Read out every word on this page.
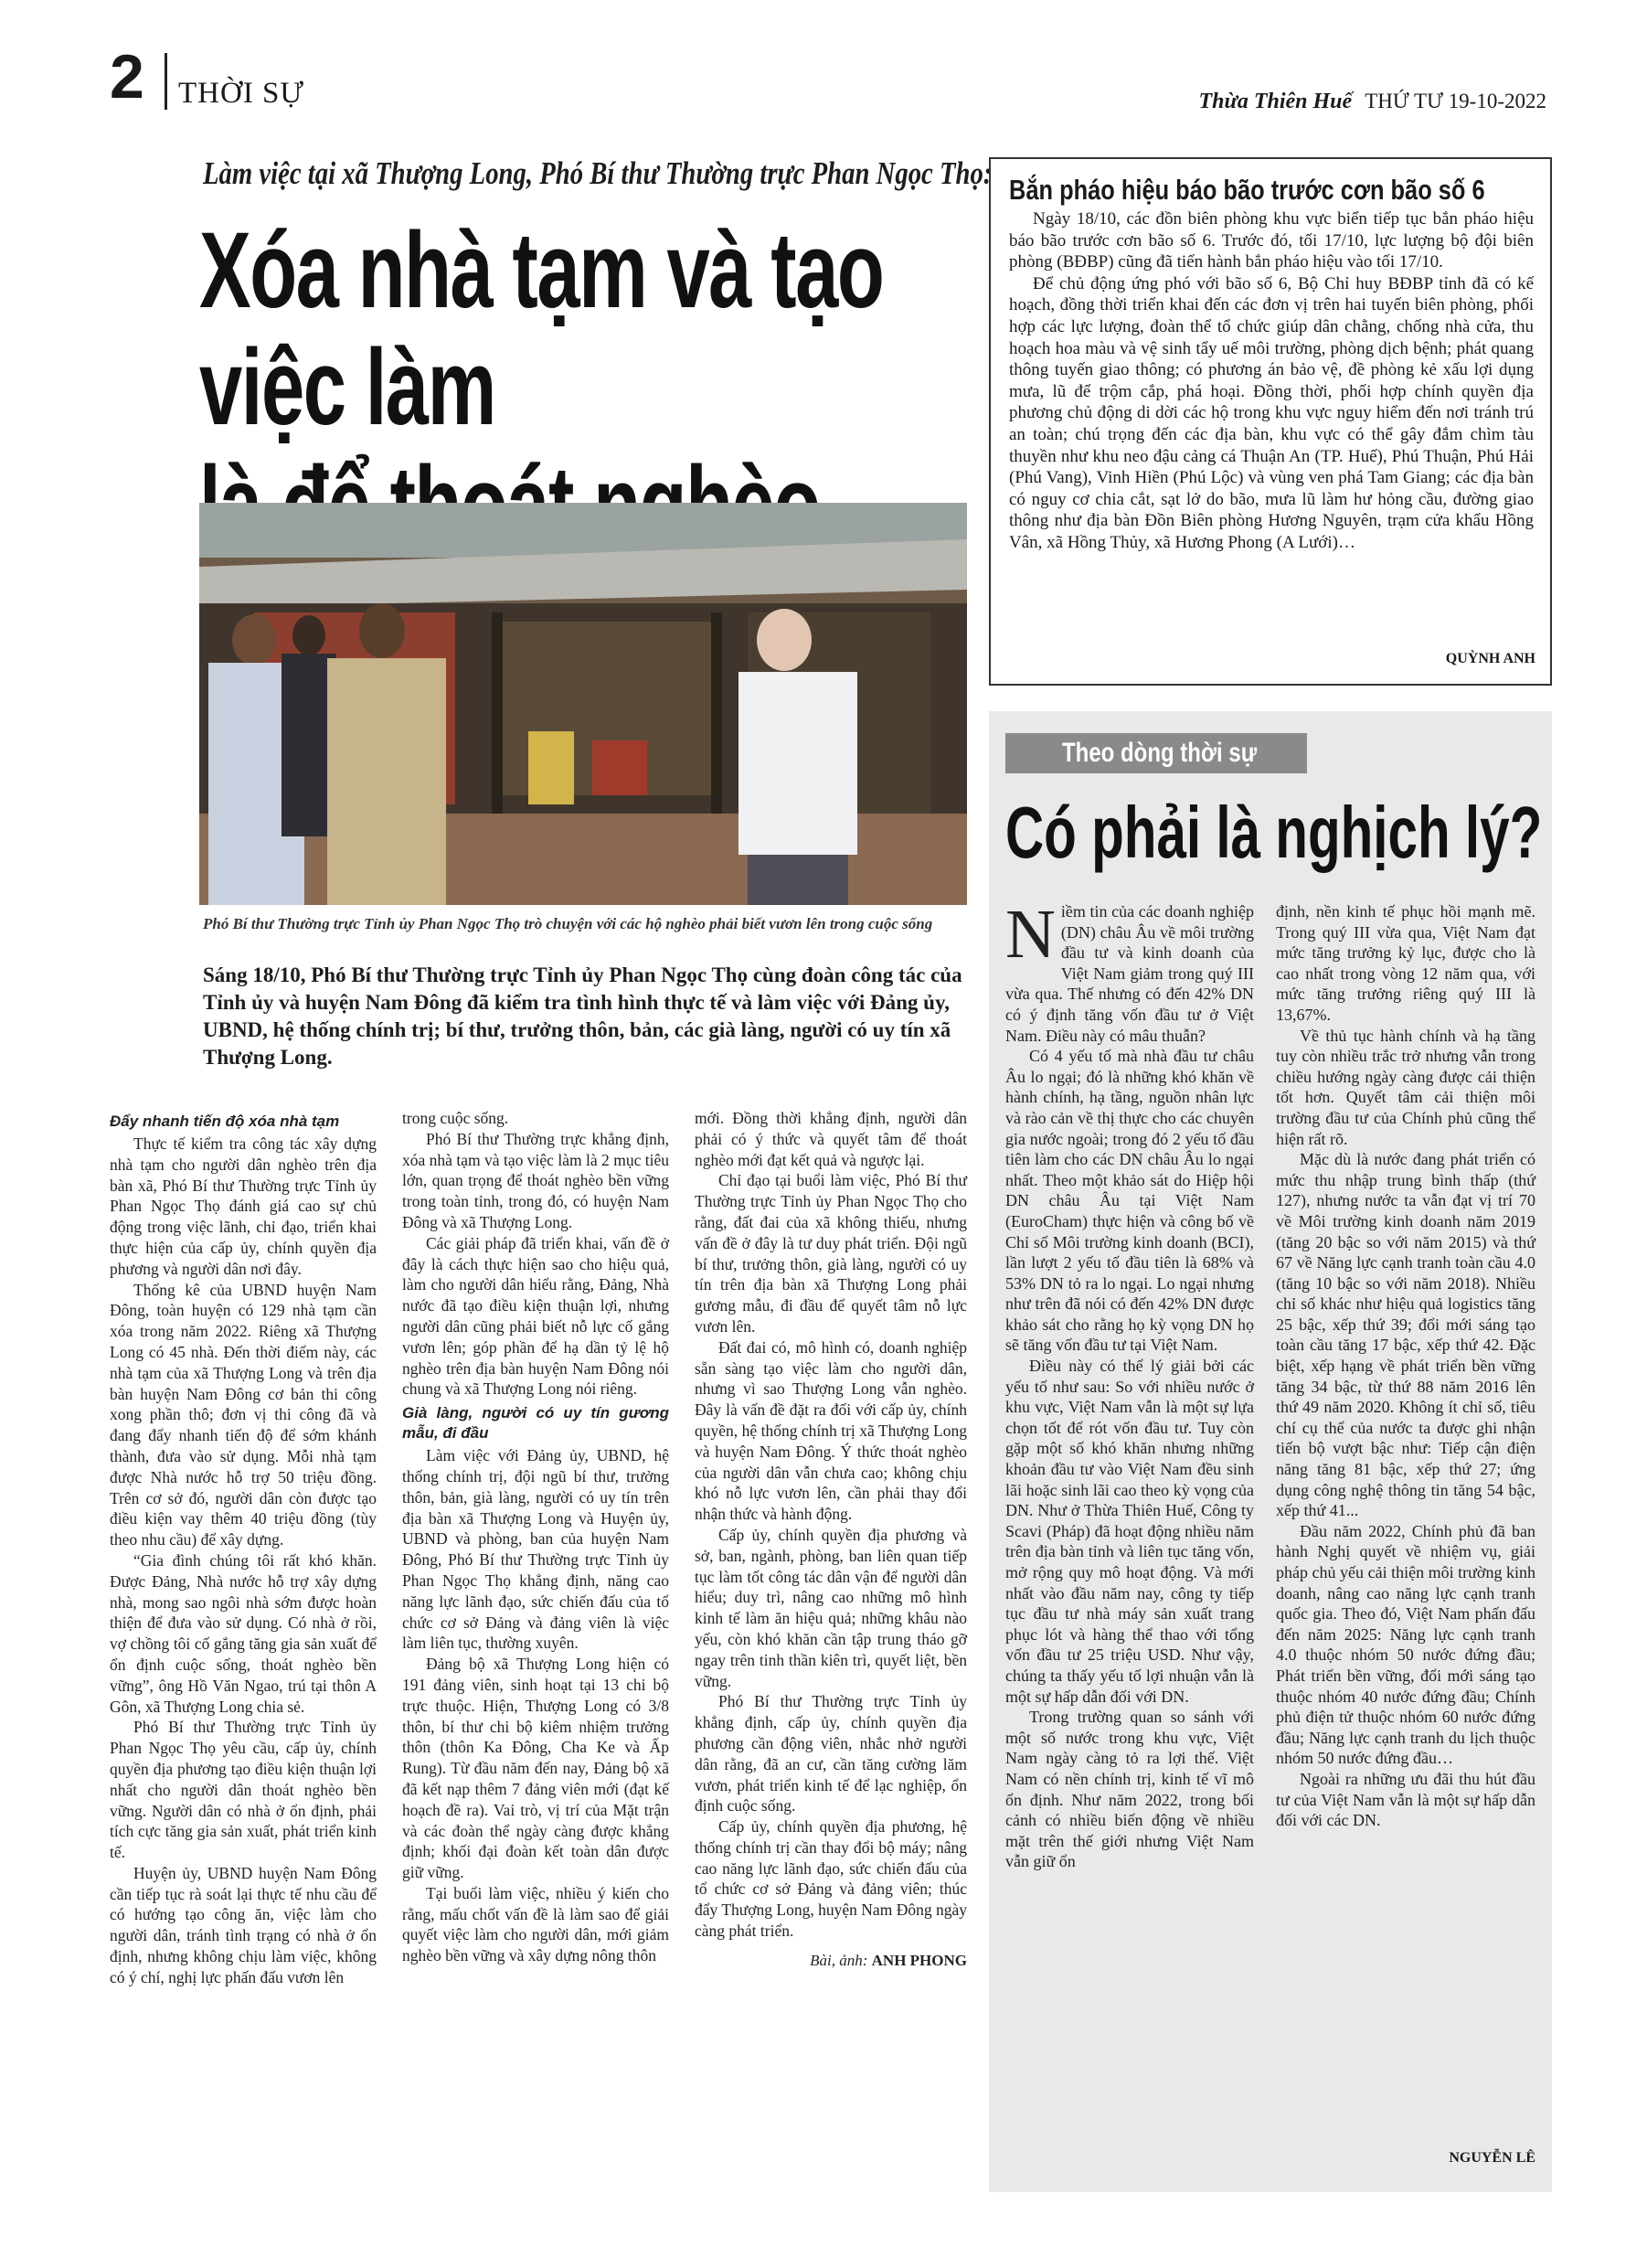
2 THỜI SỰ	Thừa Thiên Huế THỨ TƯ 19-10-2022
Làm việc tại xã Thượng Long, Phó Bí thư Thường trực Phan Ngọc Thọ:
Xóa nhà tạm và tạo việc làm
Phó Bí thư Thường trực Tỉnh ủy Phan Ngọc Thọ trò chuyện với các hộ nghèo phải biết vươn lên trong cuộc sống
Sáng 18/10, Phó Bí thư Thường trực Tỉnh ủy Phan Ngọc Thọ cùng đoàn công tác của Tỉnh ủy và huyện Nam Đông đã kiểm tra tình hình thực tế và làm việc với Đảng ủy, UBND, hệ thống chính trị; bí thư, trưởng thôn, bản, các già làng, người có uy tín xã Thượng Long.

Đẩy nhanh tiến độ xóa nhà tạm

Thực tế kiểm tra công tác xây dựng nhà tạm cho người dân nghèo trên địa bàn xã, Phó Bí thư Thường trực Tỉnh ủy Phan Ngọc Thọ đánh giá cao sự chủ động trong việc lãnh, chỉ đạo, triển khai thực hiện của cấp ủy, chính quyền địa phương và người dân nơi đây.

Thống kê của UBND huyện Nam Đông, toàn huyện có 129 nhà tạm cần xóa trong năm 2022. Riêng xã Thượng Long có 45 nhà. Đến thời điểm này, các nhà tạm của xã Thượng Long và trên địa bàn huyện Nam Đông cơ bản thi công xong phần thô; đơn vị thi công đã và đang đẩy nhanh tiến độ để sớm khánh thành, đưa vào sử dụng. Mỗi nhà tạm được Nhà nước hỗ trợ 50 triệu đồng. Trên cơ sở đó, người dân còn được tạo điều kiện vay thêm 40 triệu đồng (tùy theo nhu cầu) để xây dựng.

“Gia đình chúng tôi rất khó khăn. Được Đảng, Nhà nước hỗ trợ xây dựng nhà, mong sao ngôi nhà sớm được hoàn thiện để đưa vào sử dụng. Có nhà ở rồi, vợ chồng tôi cố gắng tăng gia sản xuất để ổn định cuộc sống, thoát nghèo bền vững”, ông Hồ Văn Ngao, trú tại thôn A Gôn, xã Thượng Long chia sẻ.

Phó Bí thư Thường trực Tỉnh ủy Phan Ngọc Thọ yêu cầu, cấp ủy, chính quyền địa phương tạo điều kiện thuận lợi nhất cho người dân thoát nghèo bền vững. Người dân có nhà ở ổn định, phải tích cực tăng gia sản xuất, phát triển kinh tế.

Huyện ủy, UBND huyện Nam Đông cần tiếp tục rà soát lại thực tế nhu cầu để có hướng tạo công ăn, việc làm cho người dân, tránh tình trạng có nhà ở ổn định, nhưng không chịu làm việc, không có ý chí, nghị lực phấn đấu vươn lên

trong cuộc sống.

Phó Bí thư Thường trực khẳng định, xóa nhà tạm và tạo việc làm là 2 mục tiêu lớn, quan trọng để thoát nghèo bền vững trong toàn tỉnh, trong đó, có huyện Nam Đông và xã Thượng Long.

Các giải pháp đã triển khai, vấn đề ở đây là cách thực hiện sao cho hiệu quả, làm cho người dân hiểu rằng, Đảng, Nhà nước đã tạo điều kiện thuận lợi, nhưng người dân cũng phải biết nỗ lực cố gắng vươn lên; góp phần để hạ dần tỷ lệ hộ nghèo trên địa bàn huyện Nam Đông nói chung và xã Thượng Long nói riêng.

Già làng, người có uy tín gương mẫu, đi đầu

Làm việc với Đảng ủy, UBND, hệ thống chính trị, đội ngũ bí thư, trưởng thôn, bản, già làng, người có uy tín trên địa bàn xã Thượng Long và Huyện ủy, UBND và phòng, ban của huyện Nam Đông, Phó Bí thư Thường trực Tỉnh ủy Phan Ngọc Thọ khẳng định, năng cao năng lực lãnh đạo, sức chiến đấu của tổ chức cơ sở Đảng và đảng viên là việc làm liên tục, thường xuyên.

Đảng bộ xã Thượng Long hiện có 191 đảng viên, sinh hoạt tại 13 chi bộ trực thuộc. Hiện, Thượng Long có 3/8 thôn, bí thư chi bộ kiêm nhiệm trưởng thôn (thôn Ka Đông, Cha Ke và Ấp Rung). Từ đầu năm đến nay, Đảng bộ xã đã kết nạp thêm 7 đảng viên mới (đạt kế hoạch đề ra). Vai trò, vị trí của Mặt trận và các đoàn thể ngày càng được khẳng định; khối đại đoàn kết toàn dân được giữ vững.

Tại buổi làm việc, nhiều ý kiến cho rằng, mấu chốt vấn đề là làm sao để giải quyết việc làm cho người dân, mới giảm nghèo bền vững và xây dựng nông thôn

mới. Đồng thời khẳng định, người dân phải có ý thức và quyết tâm để thoát nghèo mới đạt kết quả và ngược lại.

Chỉ đạo tại buổi làm việc, Phó Bí thư Thường trực Tỉnh ủy Phan Ngọc Thọ cho rằng, đất đai của xã không thiếu, nhưng vấn đề ở đây là tư duy phát triển. Đội ngũ bí thư, trưởng thôn, già làng, người có uy tín trên địa bàn xã Thượng Long phải gương mẫu, đi đầu để quyết tâm nỗ lực vươn lên.

Đất đai có, mô hình có, doanh nghiệp sẵn sàng tạo việc làm cho người dân, nhưng vì sao Thượng Long vẫn nghèo. Đây là vấn đề đặt ra đối với cấp ủy, chính quyền, hệ thống chính trị xã Thượng Long và huyện Nam Đông. Ý thức thoát nghèo của người dân vẫn chưa cao; không chịu khó nỗ lực vươn lên, cần phải thay đổi nhận thức và hành động.

Cấp ủy, chính quyền địa phương và sở, ban, ngành, phòng, ban liên quan tiếp tục làm tốt công tác dân vận để người dân hiểu; duy trì, nâng cao những mô hình kinh tế làm ăn hiệu quả; những khâu nào yếu, còn khó khăn cần tập trung tháo gỡ ngay trên tinh thần kiên trì, quyết liệt, bền vững.

Phó Bí thư Thường trực Tỉnh ủy khẳng định, cấp ủy, chính quyền địa phương cần động viên, nhắc nhở người dân rằng, đã an cư, cần tăng cường lăm vươn, phát triển kinh tế để lạc nghiệp, ổn định cuộc sống.

Cấp ủy, chính quyền địa phương, hệ thống chính trị cần thay đổi bộ máy; nâng cao năng lực lãnh đạo, sức chiến đấu của tổ chức cơ sở Đảng và đảng viên; thúc đẩy Thượng Long, huyện Nam Đông ngày càng phát triển.

Bài, ảnh: ANH PHONG
Bắn pháo hiệu báo bão trước cơn bão số 6

Ngày 18/10, các đồn biên phòng khu vực biển tiếp tục bắn pháo hiệu báo bão trước cơn bão số 6. Trước đó, tối 17/10, lực lượng bộ đội biên phòng (BĐBP) cũng đã tiến hành bắn pháo hiệu vào tối 17/10.

Để chủ động ứng phó với bão số 6, Bộ Chỉ huy BĐBP tỉnh đã có kế hoạch, đồng thời triển khai đến các đơn vị trên hai tuyến biên phòng, phối hợp các lực lượng, đoàn thể tổ chức giúp dân chằng, chống nhà cửa, thu hoạch hoa màu và vệ sinh tẩy uế môi trường, phòng dịch bệnh; phát quang thông tuyến giao thông; có phương án bảo vệ, đề phòng kẻ xấu lợi dụng mưa, lũ để trộm cắp, phá hoại. Đồng thời, phối hợp chính quyền địa phương chủ động di dời các hộ trong khu vực nguy hiểm đến nơi tránh trú an toàn; chú trọng đến các địa bàn, khu vực có thể gây đắm chìm tàu thuyền như khu neo đậu cảng cá Thuận An (TP. Huế), Phú Thuận, Phú Hải (Phú Vang), Vinh Hiền (Phú Lộc) và vùng ven phá Tam Giang; các địa bàn có nguy cơ chia cắt, sạt lở do bão, mưa lũ làm hư hỏng cầu, đường giao thông như địa bàn Đồn Biên phòng Hương Nguyên, trạm cửa khẩu Hồng Vân, xã Hồng Thủy, xã Hương Phong (A Lưới)…

QUỲNH ANH
Theo dòng thời sự
Có phải là nghịch lý?

Niềm tin của các doanh nghiệp (DN) châu Âu về môi trường đầu tư và kinh doanh của Việt Nam giảm trong quý III vừa qua. Thế nhưng có đến 42% DN có ý định tăng vốn đầu tư ở Việt Nam. Điều này có mâu thuẫn?

Có 4 yếu tố mà nhà đầu tư châu Âu lo ngại; đó là những khó khăn về hành chính, hạ tầng, nguồn nhân lực và rào cản về thị thực cho các chuyên gia nước ngoài; trong đó 2 yếu tố đầu tiên làm cho các DN châu Âu lo ngại nhất. Theo một khảo sát do Hiệp hội DN châu Âu tại Việt Nam (EuroCham) thực hiện và công bố về Chỉ số Môi trường kinh doanh (BCI), lần lượt 2 yếu tố đầu tiên là 68% và 53% DN tỏ ra lo ngại. Lo ngại nhưng như trên đã nói có đến 42% DN được khảo sát cho rằng họ kỳ vọng DN họ sẽ tăng vốn đầu tư tại Việt Nam.

Điều này có thể lý giải bởi các yếu tố như sau: So với nhiều nước ở khu vực, Việt Nam vẫn là một sự lựa chọn tốt để rót vốn đầu tư. Tuy còn gặp một số khó khăn nhưng những khoản đầu tư vào Việt Nam đều sinh lãi hoặc sinh lãi cao theo kỳ vọng của DN. Như ở Thừa Thiên Huế, Công ty Scavi (Pháp) đã hoạt động nhiều năm trên địa bàn tỉnh và liên tục tăng vốn, mở rộng quy mô hoạt động. Và mới nhất vào đầu năm nay, công ty tiếp tục đầu tư nhà máy sản xuất trang phục lót và hàng thể thao với tổng vốn đầu tư 25 triệu USD. Như vậy, chúng ta thấy yếu tố lợi nhuận vẫn là một sự hấp dẫn đối với DN.

Trong trường quan so sánh với một số nước trong khu vực, Việt Nam ngày càng tỏ ra lợi thế. Việt Nam có nền chính trị, kinh tế vĩ mô ổn định. Như năm 2022, trong bối cảnh có nhiều biến động về nhiều mặt trên thế giới nhưng Việt Nam vẫn giữ ổn

định, nền kinh tế phục hồi mạnh mẽ. Trong quý III vừa qua, Việt Nam đạt mức tăng trưởng kỷ lục, được cho là cao nhất trong vòng 12 năm qua, với mức tăng trưởng riêng quý III là 13,67%.

Về thủ tục hành chính và hạ tầng tuy còn nhiều trắc trở nhưng vẫn trong chiều hướng ngày càng được cải thiện tốt hơn. Quyết tâm cải thiện môi trường đầu tư của Chính phủ cũng thể hiện rất rõ.

Mặc dù là nước đang phát triển có mức thu nhập trung bình thấp (thứ 127), nhưng nước ta vẫn đạt vị trí 70 về Môi trường kinh doanh năm 2019 (tăng 20 bậc so với năm 2015) và thứ 67 về Năng lực cạnh tranh toàn cầu 4.0 (tăng 10 bậc so với năm 2018). Nhiều chỉ số khác như hiệu quả logistics tăng 25 bậc, xếp thứ 39; đổi mới sáng tạo toàn cầu tăng 17 bậc, xếp thứ 42. Đặc biệt, xếp hạng về phát triển bền vững tăng 34 bậc, từ thứ 88 năm 2016 lên thứ 49 năm 2020. Không ít chỉ số, tiêu chí cụ thể của nước ta được ghi nhận tiến bộ vượt bậc như: Tiếp cận điện năng tăng 81 bậc, xếp thứ 27; ứng dụng công nghệ thông tin tăng 54 bậc, xếp thứ 41...

Đầu năm 2022, Chính phủ đã ban hành Nghị quyết về nhiệm vụ, giải pháp chủ yếu cải thiện môi trường kinh doanh, nâng cao năng lực cạnh tranh quốc gia. Theo đó, Việt Nam phấn đấu đến năm 2025: Năng lực cạnh tranh 4.0 thuộc nhóm 50 nước đứng đầu; Phát triển bền vững, đổi mới sáng tạo thuộc nhóm 40 nước đứng đầu; Chính phủ điện tử thuộc nhóm 60 nước đứng đầu; Năng lực cạnh tranh du lịch thuộc nhóm 50 nước đứng đầu…

Ngoài ra những ưu đãi thu hút đầu tư của Việt Nam vẫn là một sự hấp dẫn đối với các DN.

NGUYỄN LÊ
